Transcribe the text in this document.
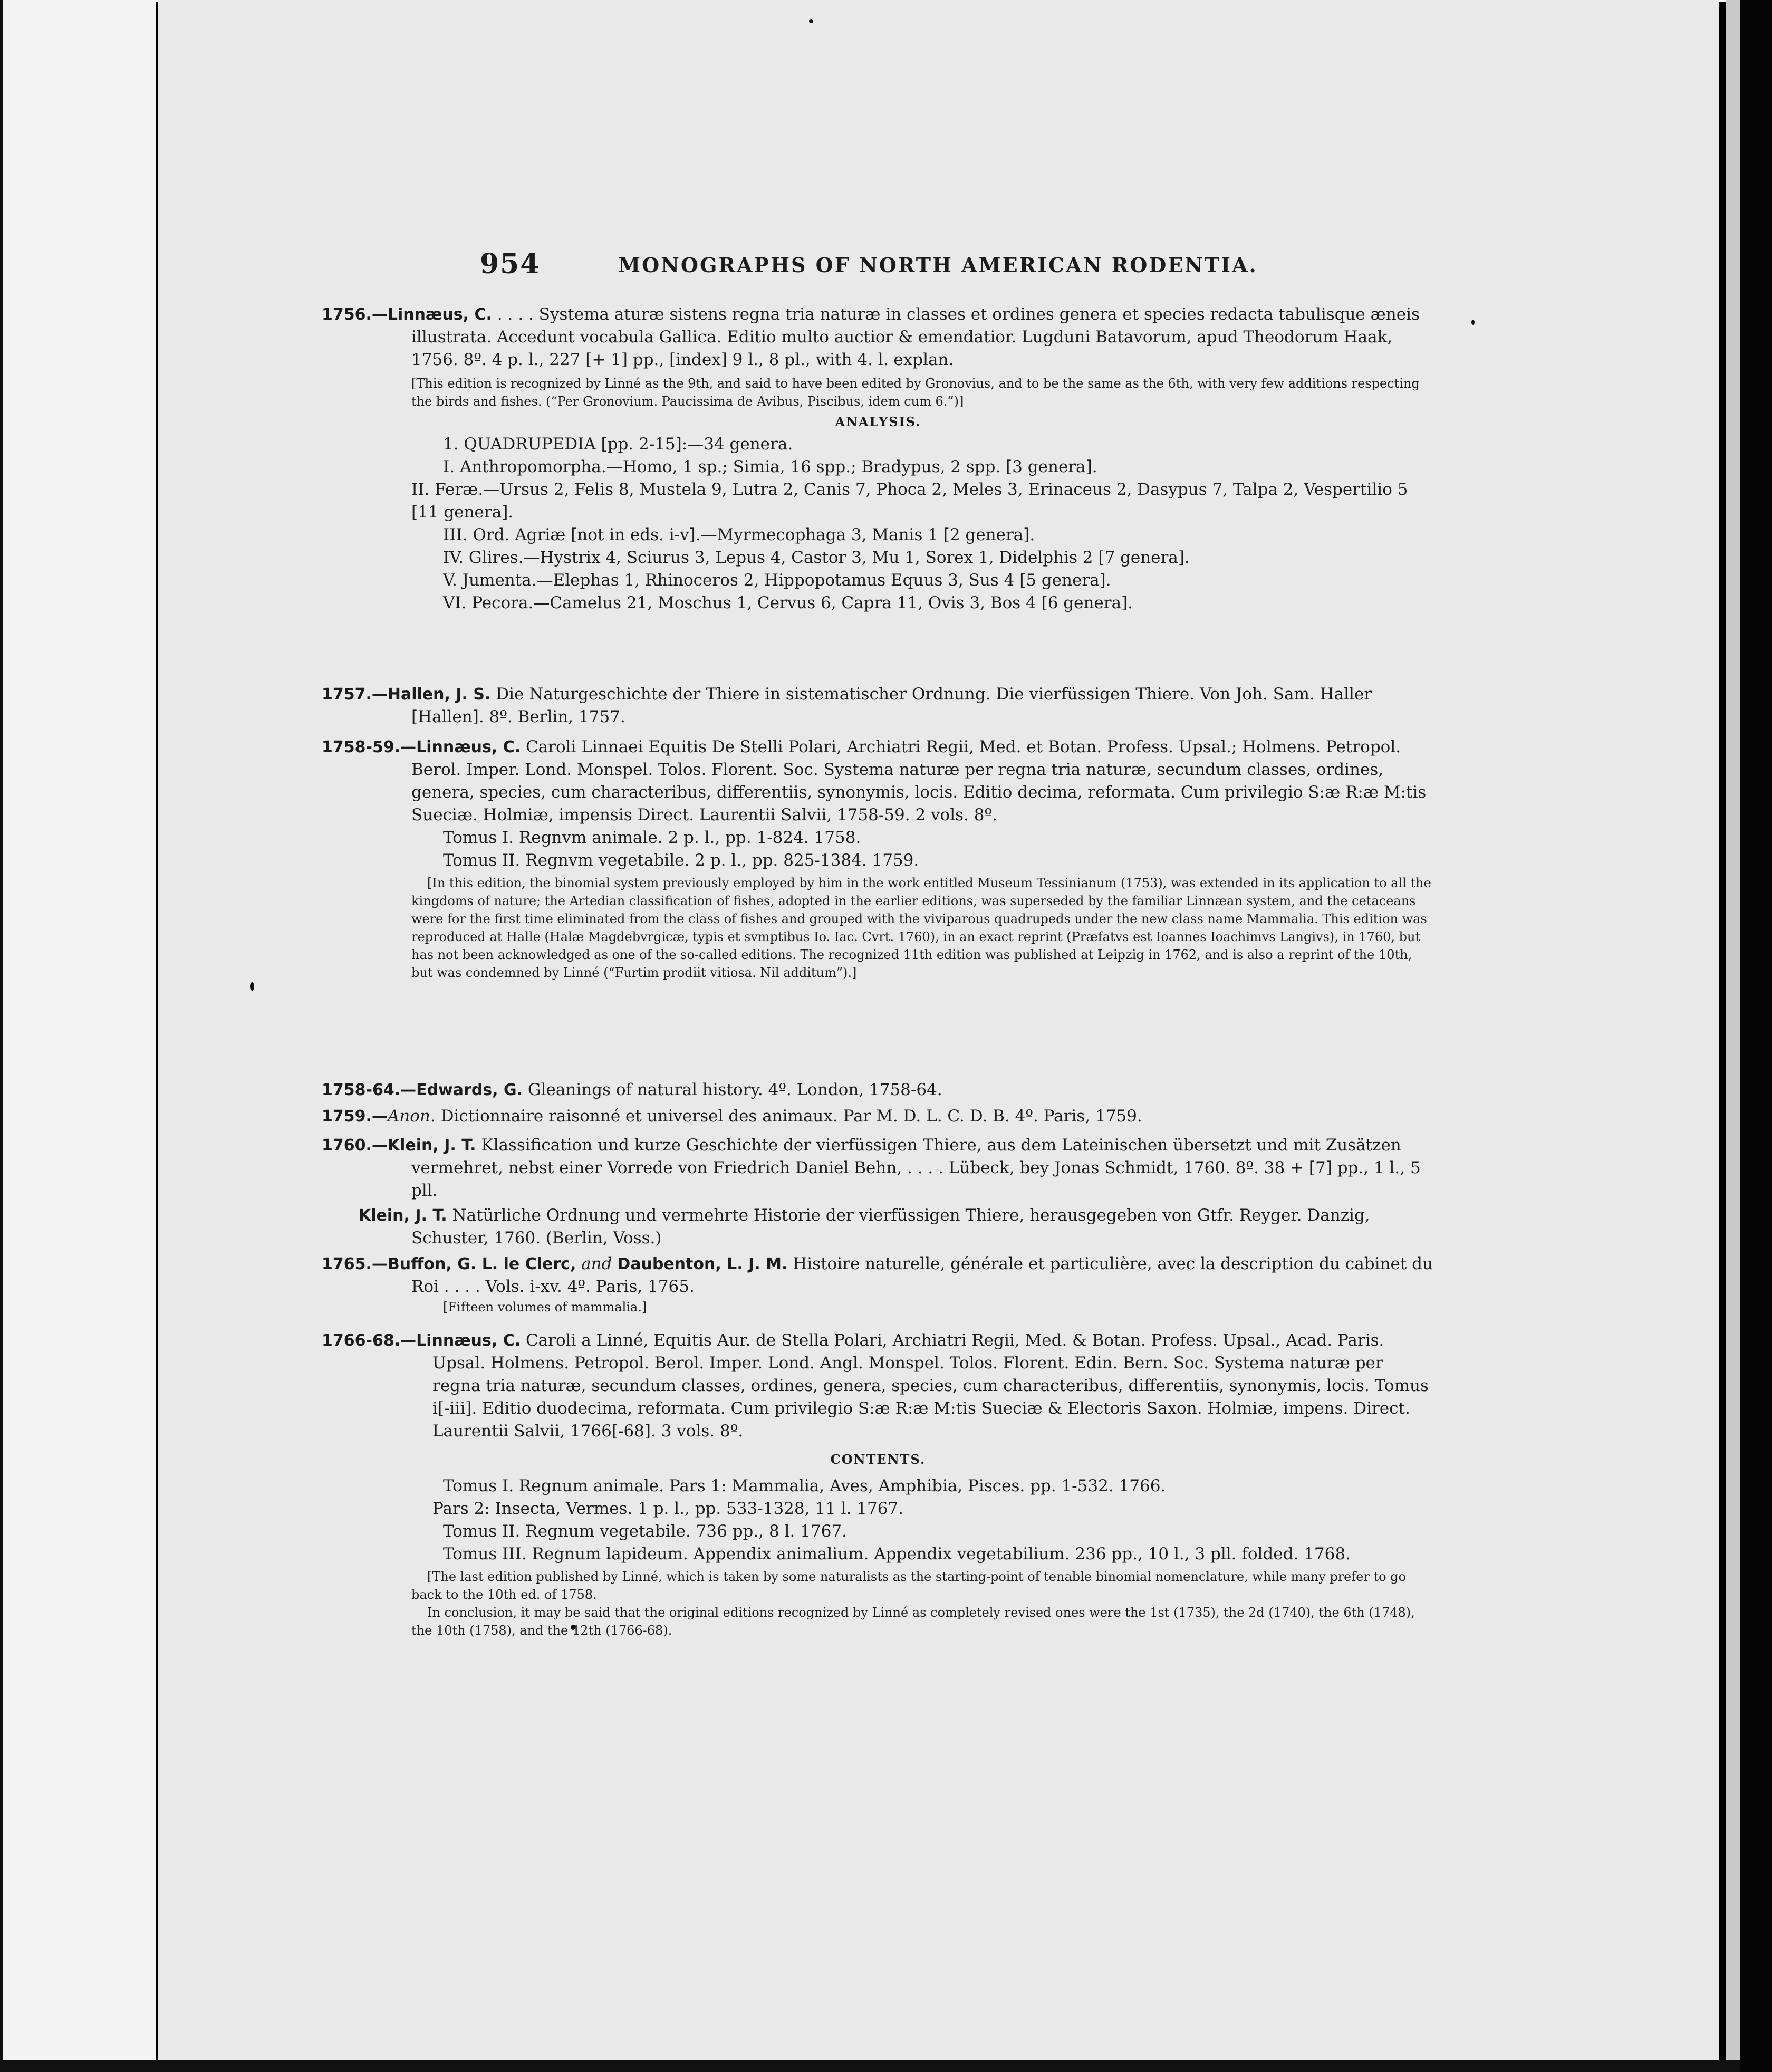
954	MONOGRAPHS OF NORTH AMERICAN RODENTIA.

1756.—Linnæus, C. . . . . Systema aturæ sistens regna tria naturæ in classes et ordines genera et species redacta tabulisque æneis illustrata. Accedunt vocabula Gallica. Editio multo auctior & emendatior. Lugduni Batavorum, apud Theodorum Haak, 1756. 8º. 4 p. l., 227 [+ 1] pp., [index] 9 l., 8 pl., with 4. l. explan.

[This edition is recognized by Linné as the 9th, and said to have been edited by Gronovius, and to be the same as the 6th, with very few additions respecting the birds and fishes. (“Per Gronovium. Paucissima de Avibus, Piscibus, idem cum 6.”)]

ANALYSIS.

1. QUADRUPEDIA [pp. 2-15]:—34 genera.

I. Anthropomorpha.—Homo, 1 sp.; Simia, 16 spp.; Bradypus, 2 spp. [3 genera].

II. Feræ.—Ursus 2, Felis 8, Mustela 9, Lutra 2, Canis 7, Phoca 2, Meles 3, Erinaceus 2, Dasypus 7, Talpa 2, Vespertilio 5 [11 genera].

III. Ord. Agriæ [not in eds. i-v].—Myrmecophaga 3, Manis 1 [2 genera].

IV. Glires.—Hystrix 4, Sciurus 3, Lepus 4, Castor 3, Mu 1, Sorex 1, Didelphis 2 [7 genera].

V. Jumenta.—Elephas 1, Rhinoceros 2, Hippopotamus Equus 3, Sus 4 [5 genera].

VI. Pecora.—Camelus 21, Moschus 1, Cervus 6, Capra 11, Ovis 3, Bos 4 [6 genera].

1757.—Hallen, J. S. Die Naturgeschichte der Thiere in sistematischer Ordnung. Die vierfüssigen Thiere. Von Joh. Sam. Haller [Hallen]. 8º. Berlin, 1757.

1758-59.—Linnæus, C. Caroli Linnaei Equitis De Stelli Polari, Archiatri Regii, Med. et Botan. Profess. Upsal.; Holmens. Petropol. Berol. Imper. Lond. Monspel. Tolos. Florent. Soc. Systema naturæ per regna tria naturæ, secundum classes, ordines, genera, species, cum characteribus, differentiis, synonymis, locis. Editio decima, reformata. Cum privilegio S:æ R:æ M:tis Sueciæ. Holmiæ, impensis Direct. Laurentii Salvii, 1758-59. 2 vols. 8º.

Tomus I. Regnvm animale. 2 p. l., pp. 1-824. 1758.

Tomus II. Regnvm vegetabile. 2 p. l., pp. 825-1384. 1759.

[In this edition, the binomial system previously employed by him in the work entitled Museum Tessinianum (1753), was extended in its application to all the kingdoms of nature; the Artedian classification of fishes, adopted in the earlier editions, was superseded by the familiar Linnæan system, and the cetaceans were for the first time eliminated from the class of fishes and grouped with the viviparous quadrupeds under the new class name Mammalia. This edition was reproduced at Halle (Halæ Magdebvrgicæ, typis et svmptibus Io. Iac. Cvrt. 1760), in an exact reprint (Præfatvs est Ioannes Ioachimvs Langivs), in 1760, but has not been acknowledged as one of the so-called editions. The recognized 11th edition was published at Leipzig in 1762, and is also a reprint of the 10th, but was condemned by Linné (“Furtim prodiit vitiosa. Nil additum”).]

1758-64.—Edwards, G. Gleanings of natural history. 4º. London, 1758-64.

1759.—Anon. Dictionnaire raisonné et universel des animaux. Par M. D. L. C. D. B. 4º. Paris, 1759.

1760.—Klein, J. T. Klassification und kurze Geschichte der vierfüssigen Thiere, aus dem Lateinischen übersetzt und mit Zusätzen vermehret, nebst einer Vorrede von Friedrich Daniel Behn, . . . . Lübeck, bey Jonas Schmidt, 1760. 8º. 38 + [7] pp., 1 l., 5 pll.

Klein, J. T. Natürliche Ordnung und vermehrte Historie der vierfüssigen Thiere, herausgegeben von Gtfr. Reyger. Danzig, Schuster, 1760. (Berlin, Voss.)

1765.—Buffon, G. L. le Clerc, and Daubenton, L. J. M. Histoire naturelle, générale et particulière, avec la description du cabinet du Roi . . . . Vols. i-xv. 4º. Paris, 1765.

[Fifteen volumes of mammalia.]

1766-68.—Linnæus, C. Caroli a Linné, Equitis Aur. de Stella Polari, Archiatri Regii, Med. & Botan. Profess. Upsal., Acad. Paris. Upsal. Holmens. Petropol. Berol. Imper. Lond. Angl. Monspel. Tolos. Florent. Edin. Bern. Soc. Systema naturæ per regna tria naturæ, secundum classes, ordines, genera, species, cum characteribus, differentiis, synonymis, locis. Tomus i[-iii]. Editio duodecima, reformata. Cum privilegio S:æ R:æ M:tis Sueciæ & Electoris Saxon. Holmiæ, impens. Direct. Laurentii Salvii, 1766[-68]. 3 vols. 8º.

CONTENTS.

Tomus I. Regnum animale. Pars 1: Mammalia, Aves, Amphibia, Pisces. pp. 1-532. 1766.

Pars 2: Insecta, Vermes. 1 p. l., pp. 533-1328, 11 l. 1767.

Tomus II. Regnum vegetabile. 736 pp., 8 l. 1767.

Tomus III. Regnum lapideum. Appendix animalium. Appendix vegetabilium. 236 pp., 10 l., 3 pll. folded. 1768.

[The last edition published by Linné, which is taken by some naturalists as the starting-point of tenable binomial nomenclature, while many prefer to go back to the 10th ed. of 1758.

In conclusion, it may be said that the original editions recognized by Linné as completely revised ones were the 1st (1735), the 2d (1740), the 6th (1748), the 10th (1758), and the 12th (1766-68).
